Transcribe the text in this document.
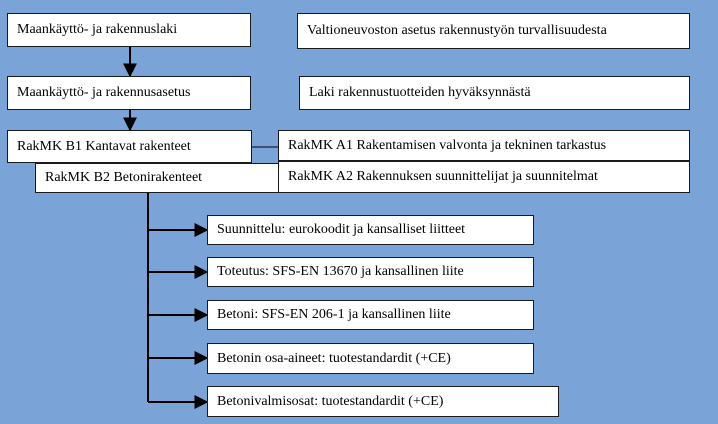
Maankäyttö- ja rakennuslaki	Valtioneuvoston asetus rakennustyön turvallisuudesta
Maankäyttö- ja rakennusasetus	Laki rakennustuotteiden hyväksynnästä
RakMK B1 Kantavat rakenteet	RakMK A1 Rakentamisen valvonta ja tekninen tarkastus
RakMK B2 Betonirakenteet	RakMK A2 Rakennuksen suunnittelijat ja suunnitelmat
Suunnittelu: eurokoodit ja kansalliset liitteet
Toteutus: SFS-EN 13670 ja kansallinen liite
Betoni: SFS-EN 206-1 ja kansallinen liite
Betonin osa-aineet: tuotestandardit (+CE)
Betonivalmisosat: tuotestandardit (+CE)
